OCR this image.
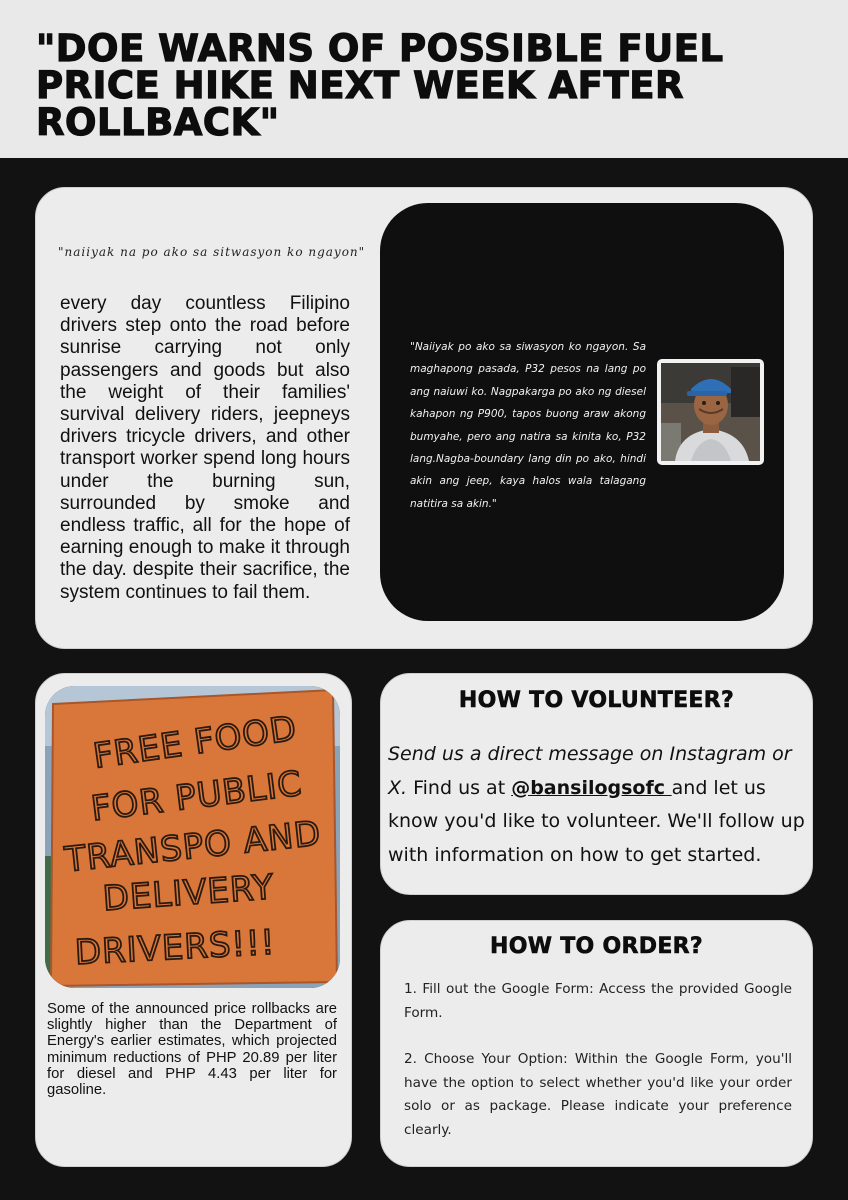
"DOE WARNS OF POSSIBLE FUEL PRICE HIKE NEXT WEEK AFTER ROLLBACK"
"naiiyak na po ako sa sitwasyon ko ngayon"
every day countless Filipino drivers step onto the road before sunrise carrying not only passengers and goods but also the weight of their families' survival delivery riders, jeepneys drivers tricycle drivers, and other transport worker spend long hours under the burning sun, surrounded by smoke and endless traffic, all for the hope of earning enough to make it through the day. despite their sacrifice, the system continues to fail them.
"Naiiyak po ako sa siwasyon ko ngayon. Sa maghapong pasada, P32 pesos na lang po ang naiuwi ko. Nagpakarga po ako ng diesel kahapon ng P900, tapos buong araw akong bumyahe, pero ang natira sa kinita ko, P32 lang.Nagba-boundary lang din po ako, hindi akin ang jeep, kaya halos wala talagang natitira sa akin."
FREE FOOD
FOR PUBLIC
TRANSPO AND
DELIVERY
DRIVERS!!!
Some of the announced price rollbacks are slightly higher than the Department of Energy's earlier estimates, which projected minimum reductions of PHP 20.89 per liter for diesel and PHP 4.43 per liter for gasoline.
HOW TO VOLUNTEER?
Send us a direct message on Instagram or X. Find us at @bansilogsofc and let us know you'd like to volunteer. We'll follow up with information on how to get started.
HOW TO ORDER?

1. Fill out the Google Form: Access the provided Google Form.

2. Choose Your Option: Within the Google Form, you'll have the option to select whether you'd like your order solo or as package. Please indicate your preference clearly.
